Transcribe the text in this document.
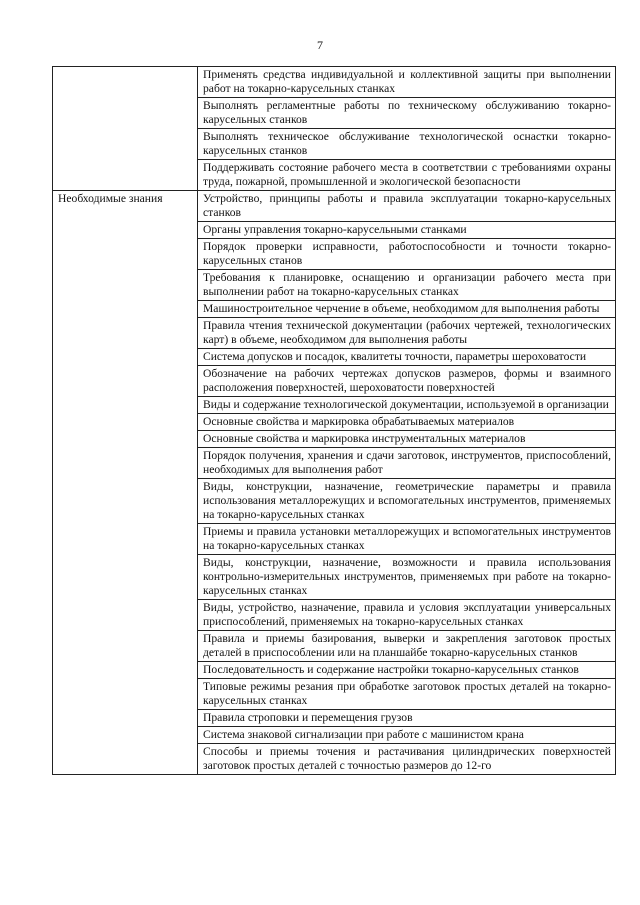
7
	Применять средства индивидуальной и коллективной защиты при выполнении работ на токарно-карусельных станках
	Выполнять регламентные работы по техническому обслуживанию токарно-карусельных станков
	Выполнять техническое обслуживание технологической оснастки токарно-карусельных станков
	Поддерживать состояние рабочего места в соответствии с требованиями охраны труда, пожарной, промышленной и экологической безопасности
Необходимые знания	Устройство, принципы работы и правила эксплуатации токарно-карусельных станков
	Органы управления токарно-карусельными станками
	Порядок проверки исправности, работоспособности и точности токарно-карусельных станов
	Требования к планировке, оснащению и организации рабочего места при выполнении работ на токарно-карусельных станках
	Машиностроительное черчение в объеме, необходимом для выполнения работы
	Правила чтения технической документации (рабочих чертежей, технологических карт) в объеме, необходимом для выполнения работы
	Система допусков и посадок, квалитеты точности, параметры шероховатости
	Обозначение на рабочих чертежах допусков размеров, формы и взаимного расположения поверхностей, шероховатости поверхностей
	Виды и содержание технологической документации, используемой в организации
	Основные свойства и маркировка обрабатываемых материалов
	Основные свойства и маркировка инструментальных материалов
	Порядок получения, хранения и сдачи заготовок, инструментов, приспособлений, необходимых для выполнения работ
	Виды, конструкции, назначение, геометрические параметры и правила использования металлорежущих и вспомогательных инструментов, применяемых на токарно-карусельных станках
	Приемы и правила установки металлорежущих и вспомогательных инструментов на токарно-карусельных станках
	Виды, конструкции, назначение, возможности и правила использования контрольно-измерительных инструментов, применяемых при работе на токарно-карусельных станках
	Виды, устройство, назначение, правила и условия эксплуатации универсальных приспособлений, применяемых на токарно-карусельных станках
	Правила и приемы базирования, выверки и закрепления заготовок простых деталей в приспособлении или на планшайбе токарно-карусельных станков
	Последовательность и содержание настройки токарно-карусельных станков
	Типовые режимы резания при обработке заготовок простых деталей на токарно-карусельных станках
	Правила строповки и перемещения грузов
	Система знаковой сигнализации при работе с машинистом крана
	Способы и приемы точения и растачивания цилиндрических поверхностей заготовок простых деталей с точностью размеров до 12-го
